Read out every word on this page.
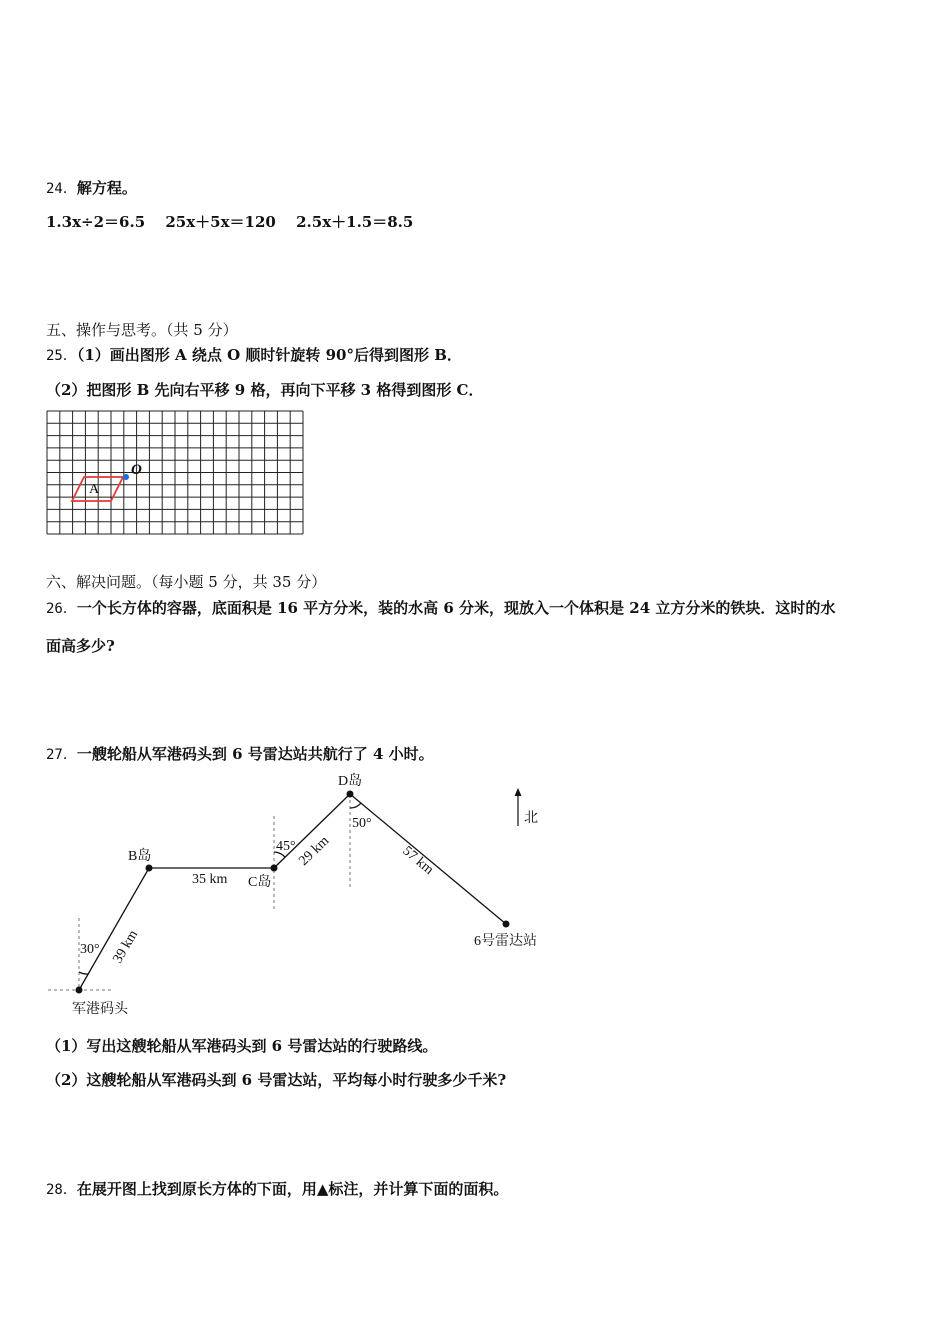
24．解方程。
1.3x÷2＝6.5　 25x＋5x＝120　 2.5x＋1.5＝8.5
五、操作与思考。（共 5 分）
25．（1）画出图形 A 绕点 O 顺时针旋转 90°后得到图形 B．
（2）把图形 B 先向右平移 9 格，再向下平移 3 格得到图形 C．
A
O
六、解决问题。（每小题 5 分，共 35 分）
26．一个长方体的容器，底面积是 16 平方分米，装的水高 6 分米，现放入一个体积是 24 立方分米的铁块．这时的水
面高多少?
27．一艘轮船从军港码头到 6 号雷达站共航行了 4 小时。
北
军港码头
B岛
C岛
D岛
6号雷达站
30°
45°
50°
39 km
35 km
29 km	57 km
（1）写出这艘轮船从军港码头到 6 号雷达站的行驶路线。
（2）这艘轮船从军港码头到 6 号雷达站，平均每小时行驶多少千米?
28．在展开图上找到原长方体的下面，用▲标注，并计算下面的面积。
